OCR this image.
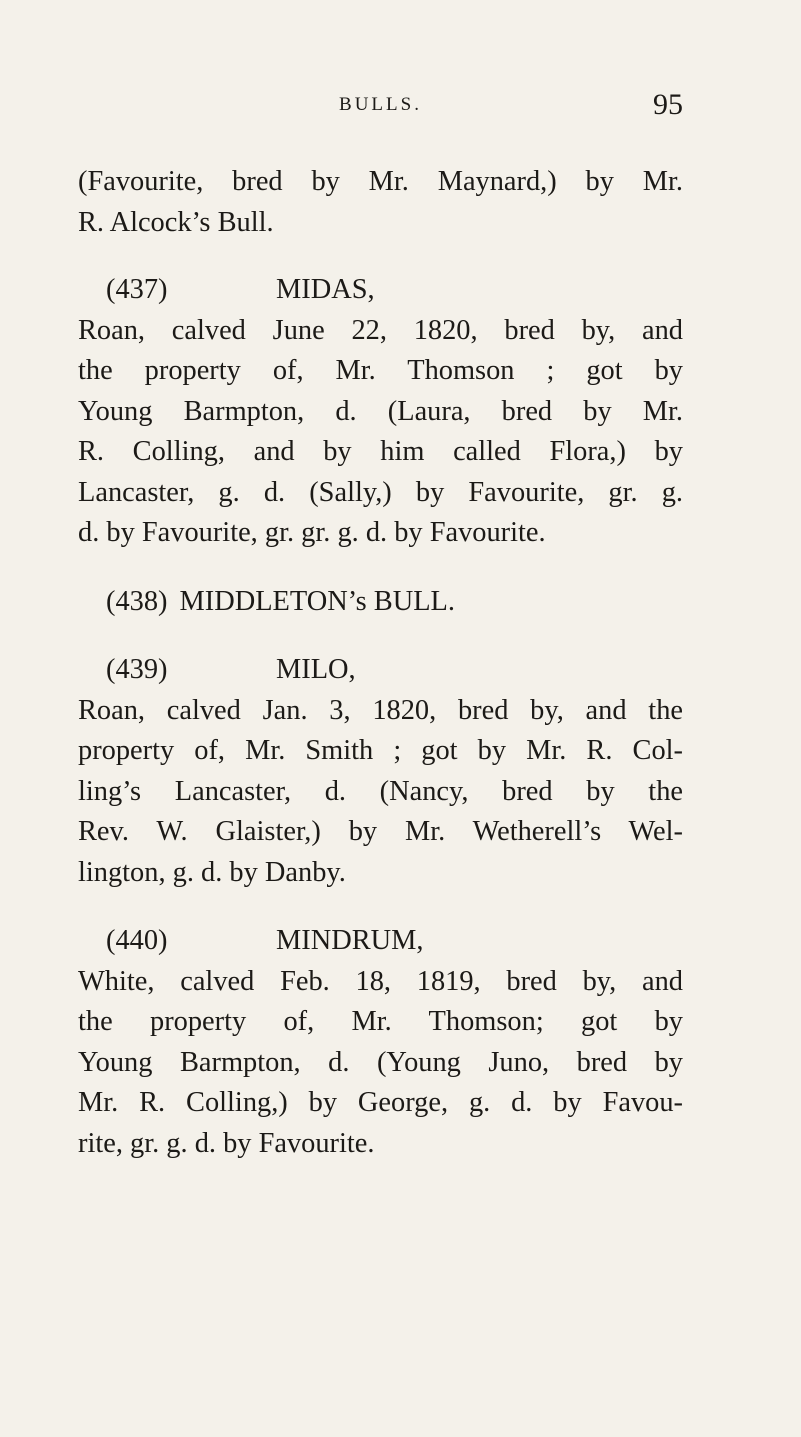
BULLS.	95

(Favourite, bred by Mr. Maynard,) by Mr.
R. Alcock’s Bull.

(437)	MIDAS,

Roan, calved June 22, 1820, bred by, and
the property of, Mr. Thomson ; got by
Young Barmpton, d. (Laura, bred by Mr.
R. Colling, and by him called Flora,) by
Lancaster, g. d. (Sally,) by Favourite, gr. g.
d. by Favourite, gr. gr. g. d. by Favourite.

(438) MIDDLETON’s BULL.

(439)	MILO,

Roan, calved Jan. 3, 1820, bred by, and the
property of, Mr. Smith ; got by Mr. R. Col-
ling’s Lancaster, d. (Nancy, bred by the
Rev. W. Glaister,) by Mr. Wetherell’s Wel-
lington, g. d. by Danby.

(440)	MINDRUM,

White, calved Feb. 18, 1819, bred by, and
the property of, Mr. Thomson; got by
Young Barmpton, d. (Young Juno, bred by
Mr. R. Colling,) by George, g. d. by Favou-
rite, gr. g. d. by Favourite.
